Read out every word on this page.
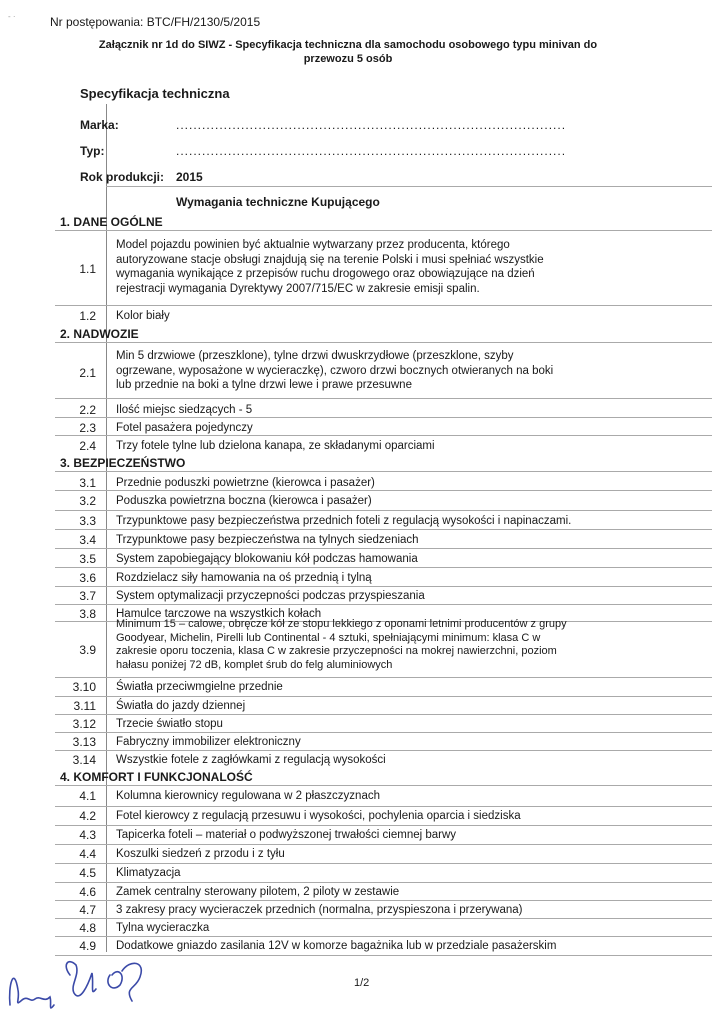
- ·	Nr postępowania: BTC/FH/2130/5/2015
Załącznik nr 1d do SIWZ - Specyfikacja techniczna dla samochodu osobowego typu minivan do przewozu 5 osób
Specyfikacja techniczna
Marka:	..........................................................................................
Typ:	..........................................................................................
Rok produkcji: 2015
Wymagania techniczne Kupującego
1. DANE OGÓLNE
1.1
Model pojazdu powinien być aktualnie wytwarzany przez producenta, którego autoryzowane stacje obsługi znajdują się na terenie Polski i musi spełniać wszystkie wymagania wynikające z przepisów ruchu drogowego oraz obowiązujące na dzień rejestracji wymagania Dyrektywy 2007/715/EC w zakresie emisji spalin.
1.2 Kolor biały
2. NADWOZIE
2.1
Min 5 drzwiowe (przeszklone), tylne drzwi dwuskrzydłowe (przeszklone, szyby ogrzewane, wyposażone w wycieraczkę), czworo drzwi bocznych otwieranych na boki lub przednie na boki a tylne drzwi lewe i prawe przesuwne
2.2 Ilość miejsc siedzących - 5
2.3 Fotel pasażera pojedynczy
2.4 Trzy fotele tylne lub dzielona kanapa, ze składanymi oparciami
3. BEZPIECZEŃSTWO
3.1 Przednie poduszki powietrzne (kierowca i pasażer)
3.2 Poduszka powietrzna boczna (kierowca i pasażer)
3.3 Trzypunktowe pasy bezpieczeństwa przednich foteli z regulacją wysokości i napinaczami.
3.4 Trzypunktowe pasy bezpieczeństwa na tylnych siedzeniach
3.5 System zapobiegający blokowaniu kół podczas hamowania
3.6 Rozdzielacz siły hamowania na oś przednią i tylną
3.7 System optymalizacji przyczepności podczas przyspieszania
3.8 Hamulce tarczowe na wszystkich kołach
3.9
Minimum 15 – calowe, obręcze kół ze stopu lekkiego z oponami letnimi producentów z grupy Goodyear, Michelin, Pirelli lub Continental - 4 sztuki, spełniającymi minimum: klasa C w zakresie oporu toczenia, klasa C w zakresie przyczepności na mokrej nawierzchni, poziom hałasu poniżej 72 dB, komplet śrub do felg aluminiowych
3.10 Światła przeciwmgielne przednie
3.11 Światła do jazdy dziennej
3.12 Trzecie światło stopu
3.13 Fabryczny immobilizer elektroniczny
3.14 Wszystkie fotele z zagłówkami z regulacją wysokości
4. KOMFORT I FUNKCJONALOŚĆ
4.1 Kolumna kierownicy regulowana w 2 płaszczyznach
4.2 Fotel kierowcy z regulacją przesuwu i wysokości, pochylenia oparcia i siedziska
4.3 Tapicerka foteli – materiał o podwyższonej trwałości ciemnej barwy
4.4 Koszulki siedzeń z przodu i z tyłu
4.5 Klimatyzacja
4.6 Zamek centralny sterowany pilotem, 2 piloty w zestawie
4.7 3 zakresy pracy wycieraczek przednich (normalna, przyspieszona i przerywana)
4.8 Tylna wycieraczka
4.9 Dodatkowe gniazdo zasilania 12V w komorze bagażnika lub w przedziale pasażerskim
1/2
